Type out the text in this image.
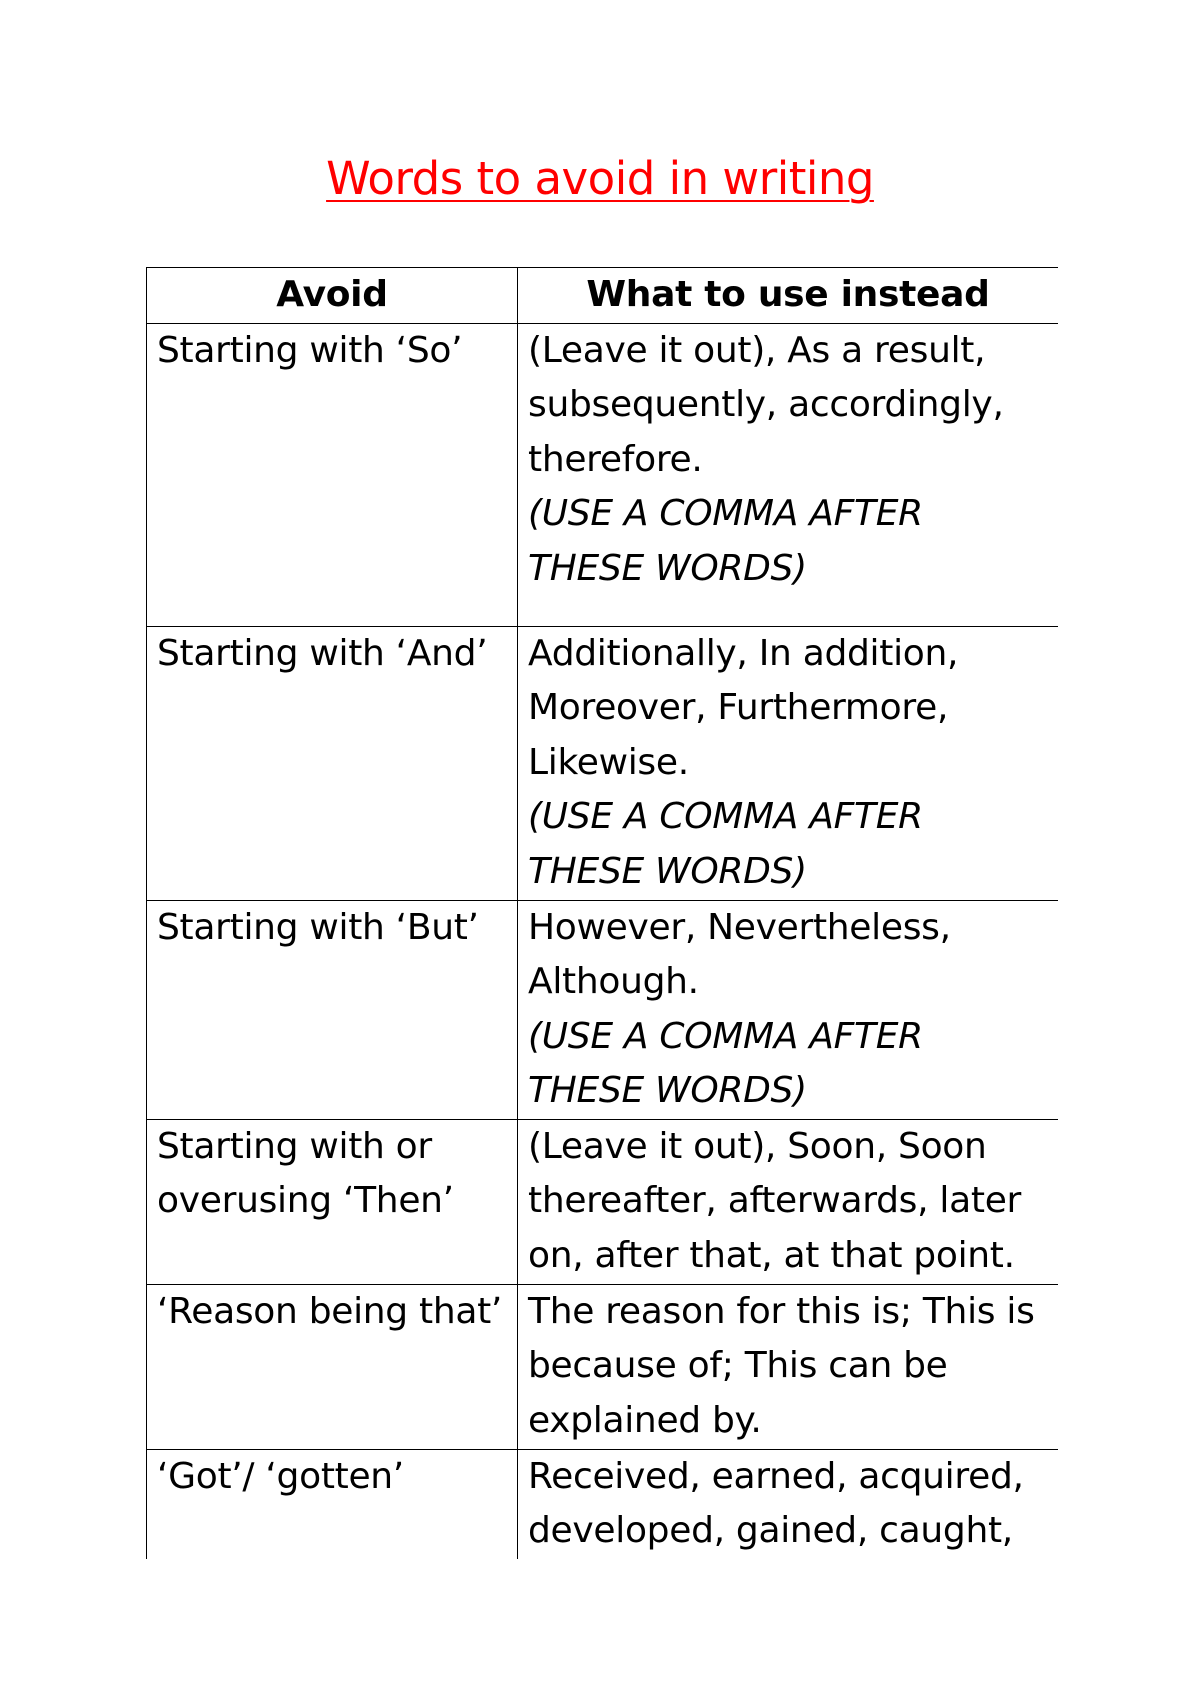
Words to avoid in writing
Avoid	What to use instead
Starting with ‘So’	(Leave it out), As a result, subsequently, accordingly, therefore.
(USE A COMMA AFTER THESE WORDS)

Starting with ‘And’	Additionally, In addition, Moreover, Furthermore, Likewise.
(USE A COMMA AFTER THESE WORDS)

Starting with ‘But’	However, Nevertheless, Although.
(USE A COMMA AFTER THESE WORDS)

Starting with or overusing ‘Then’	(Leave it out), Soon, Soon thereafter, afterwards, later on, after that, at that point.

‘Reason being that’	The reason for this is; This is because of; This can be explained by.

‘Got’/ ‘gotten’	Received, earned, acquired, developed, gained, caught,
